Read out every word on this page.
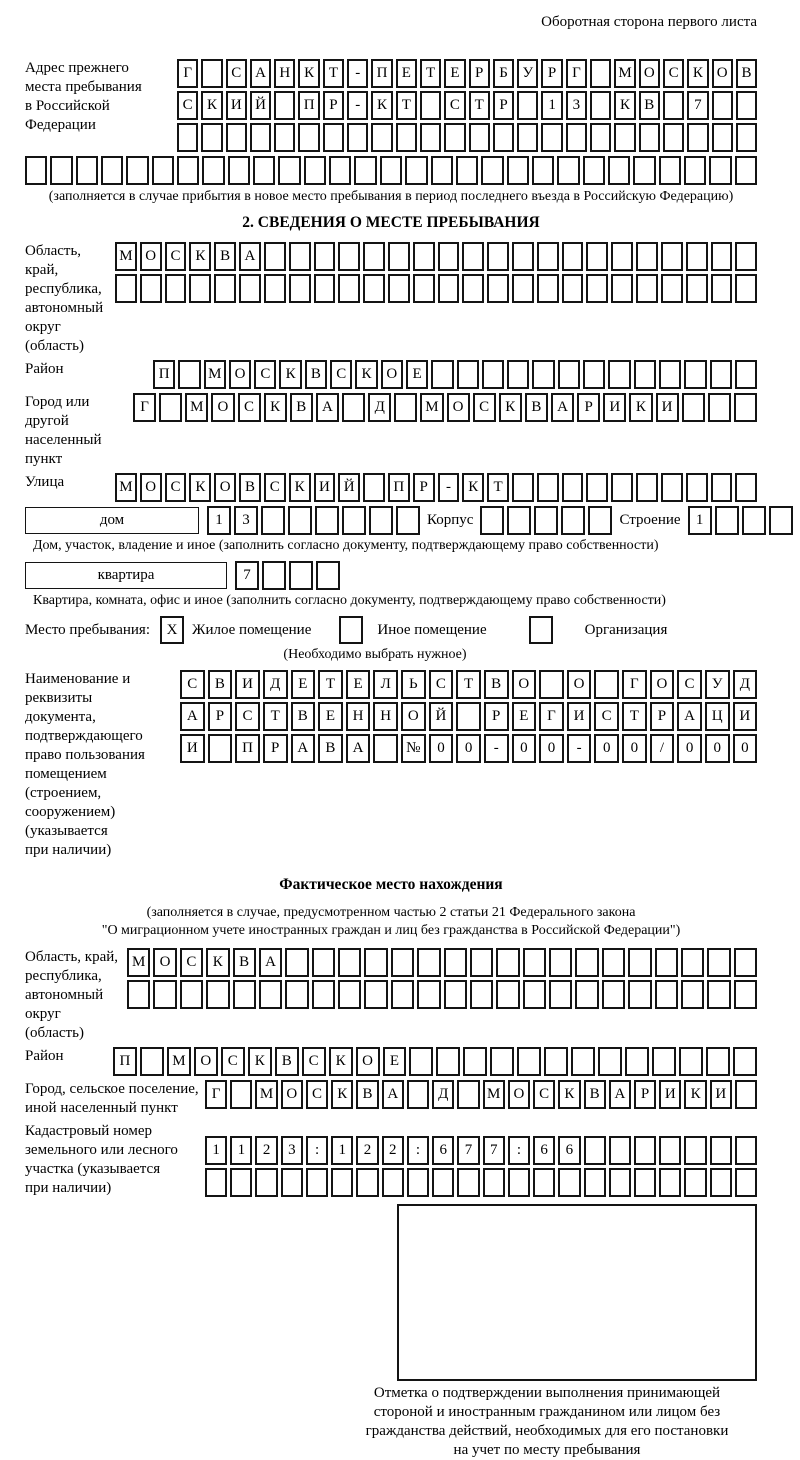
Оборотная сторона первого листа
Адрес прежнего
места пребывания
в Российской
Федерации
Г	С А Н К Т	-	П Е	Т	Е	Р	Б У Р	Г	М О С К О В
С К И Й	П Р	-	К Т	С Т	Р	1	3	К В	7
(заполняется в случае прибытия в новое место пребывания в период последнего въезда в Российскую Федерацию)
2. СВЕДЕНИЯ О МЕСТЕ ПРЕБЫВАНИЯ
Область, край,
республика,
автономный
округ (область)
М О С К В А
Район	П	М О С	К	В	С	К О	Е
Город или другой
населенный пункт
Г	М О	С	К	В	А	Д	М О	С	К	В	А	Р	И	К	И
Улица	М О С К О В С К И Й	П	Р	-	К	Т
дом	1	3	Корпус	Строение	1
Дом, участок, владение и иное (заполнить согласно документу, подтверждающему право собственности)
квартира	7
Квартира, комната, офис и иное (заполнить согласно документу, подтверждающему право собственности)
Место пребывания:	X Жилое помещение	Иное помещение	Организация
(Необходимо выбрать нужное)
Наименование и реквизиты
документа, подтверждающего
право пользования
помещением (строением,
сооружением) (указывается
при наличии)
С	В	И	Д	Е	Т	Е	Л	Ь	С	Т	В	О	О	Г	О	С	У	Д
А	Р	С	Т	В	Е	Н	Н	О	Й	Р	Е	Г	И	С	Т	Р	А	Ц	И
И	П	Р	А	В	А	№	0	0	-	0	0	-	0	0	/	0	0	0
Фактическое место нахождения
(заполняется в случае, предусмотренном частью 2 статьи 21 Федерального закона
"О миграционном учете иностранных граждан и лиц без гражданства в Российской Федерации")
Область, край,
республика,
автономный округ
(область)
М О	С	К	В	А
Район	П	М О	С	К	В	С	К	О	Е
Город, сельское поселение,
иной населенный пункт
Г	М О С	К	В А	Д	М О С	К	В А	Р	И К И
Кадастровый номер
земельного или лесного
участка (указывается
при наличии)
1	1	2	3	:	1	2	2	:	6	7	7	:	6	6
Отметка о подтверждении выполнения принимающей
стороной и иностранным гражданином или лицом без
гражданства действий, необходимых для его постановки
на учет по месту пребывания
